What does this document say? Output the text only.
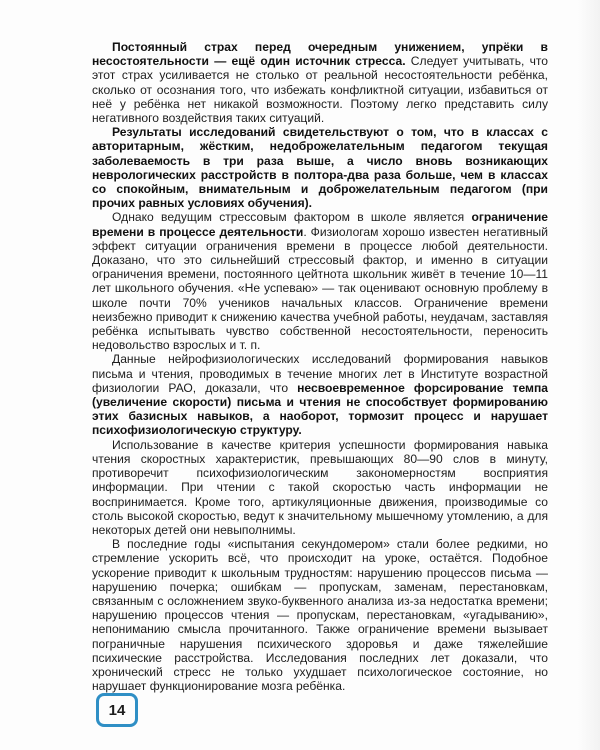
Постоянный страх перед очередным унижением, упрёки в несостоятельности — ещё один источник стресса. Следует учитывать, что этот страх усиливается не столько от реальной несостоятельности ребёнка, сколько от осознания того, что избежать конфликтной ситуации, избавиться от неё у ребёнка нет никакой возможности. Поэтому легко представить силу негативного воздействия таких ситуаций.

Результаты исследований свидетельствуют о том, что в классах с авторитарным, жёстким, недоброжелательным педагогом текущая заболеваемость в три раза выше, а число вновь возникающих неврологических расстройств в полтора-два раза больше, чем в классах со спокойным, внимательным и доброжелательным педагогом (при прочих равных условиях обучения).

Однако ведущим стрессовым фактором в школе является ограничение времени в процессе деятельности. Физиологам хорошо известен негативный эффект ситуации ограничения времени в процессе любой деятельности. Доказано, что это сильнейший стрессовый фактор, и именно в ситуации ограничения времени, постоянного цейтнота школьник живёт в течение 10—11 лет школьного обучения. «Не успеваю» — так оценивают основную проблему в школе почти 70% учеников начальных классов. Ограничение времени неизбежно приводит к снижению качества учебной работы, неудачам, заставляя ребёнка испытывать чувство собственной несостоятельности, переносить недовольство взрослых и т. п.

Данные нейрофизиологических исследований формирования навыков письма и чтения, проводимых в течение многих лет в Институте возрастной физиологии РАО, доказали, что несвоевременное форсирование темпа (увеличение скорости) письма и чтения не способствует формированию этих базисных навыков, а наоборот, тормозит процесс и нарушает психофизиологическую структуру.

Использование в качестве критерия успешности формирования навыка чтения скоростных характеристик, превышающих 80—90 слов в минуту, противоречит психофизиологическим закономерностям восприятия информации. При чтении с такой скоростью часть информации не воспринимается. Кроме того, артикуляционные движения, производимые со столь высокой скоростью, ведут к значительному мышечному утомлению, а для некоторых детей они невыполнимы.

В последние годы «испытания секундомером» стали более редкими, но стремление ускорить всё, что происходит на уроке, остаётся. Подобное ускорение приводит к школьным трудностям: нарушению процессов письма — нарушению почерка; ошибкам — пропускам, заменам, перестановкам, связанным с осложнением звуко-буквенного анализа из-за недостатка времени; нарушению процессов чтения — пропускам, перестановкам, «угадыванию», непониманию смысла прочитанного. Также ограничение времени вызывает пограничные нарушения психического здоровья и даже тяжелейшие психические расстройства. Исследования последних лет доказали, что хронический стресс не только ухудшает психологическое состояние, но нарушает функционирование мозга ребёнка.

14
